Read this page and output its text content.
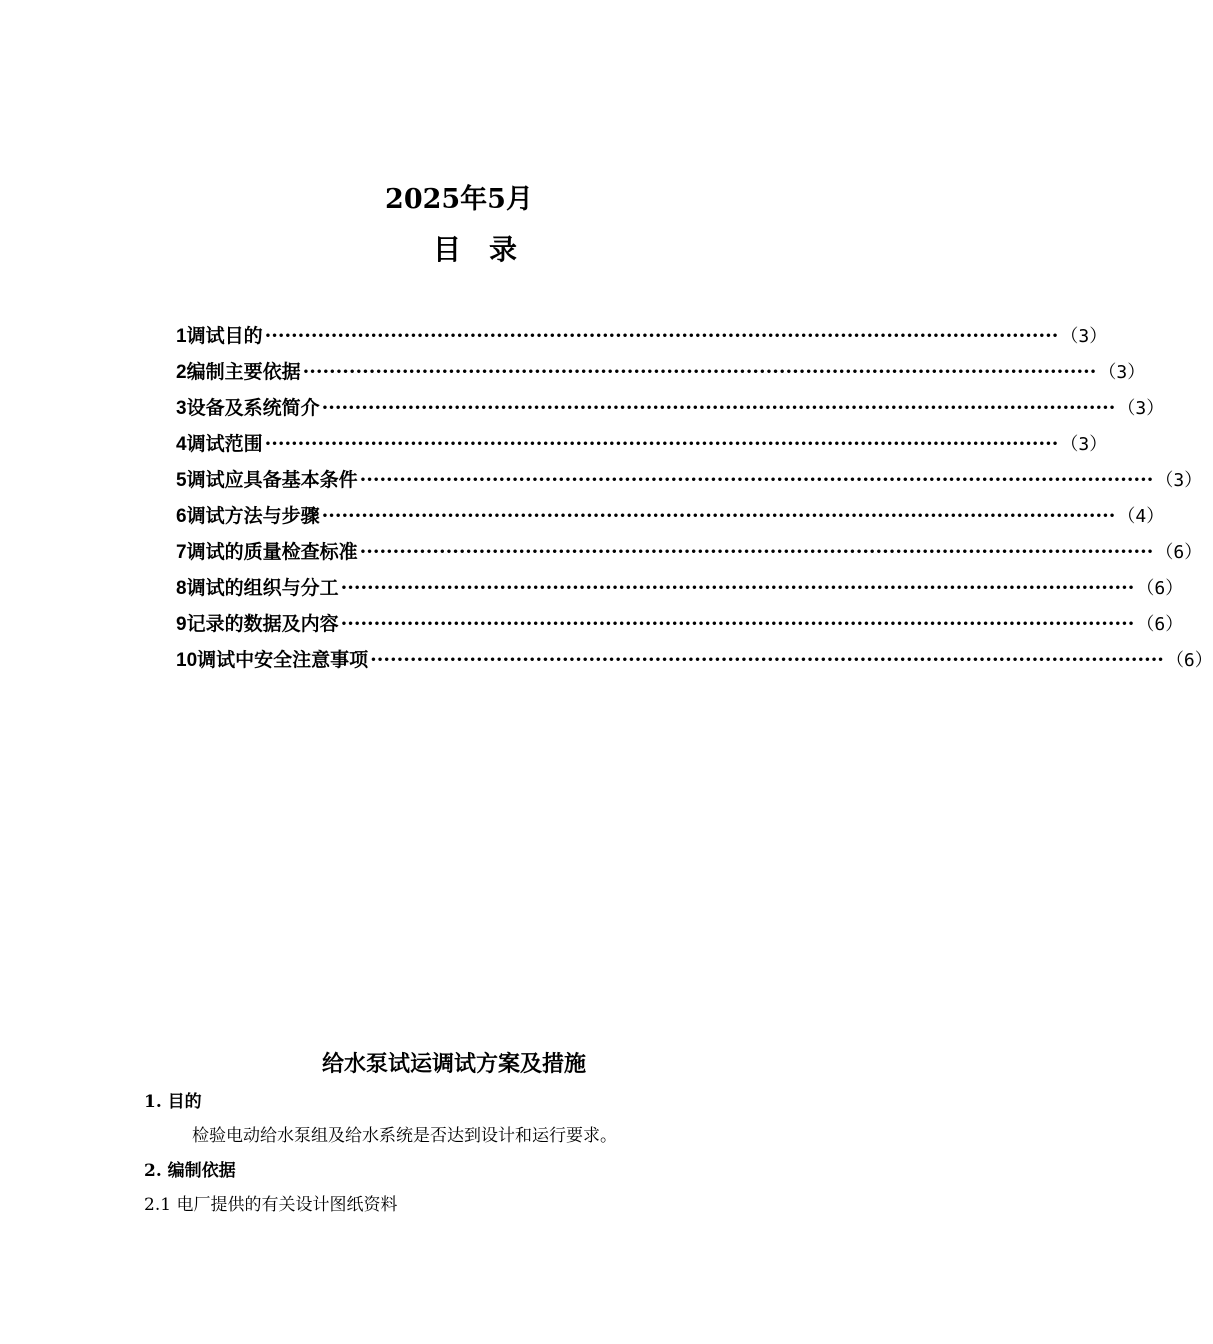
2025年5月
目录
1 调试目的 ························································································································ （3）
2 编制主要依据 ························································································································ （3）
3 设备及系统简介 ························································································································ （3）
4 调试范围 ························································································································ （3）
5 调试应具备基本条件 ························································································································ （3）
6 调试方法与步骤 ························································································································ （4）
7 调试的质量检查标准 ························································································································ （6）
8 调试的组织与分工 ························································································································ （6）
9 记录的数据及内容 ························································································································ （6）
10 调试中安全注意事项 ························································································································ （6）
给水泵试运调试方案及措施
1. 目的
检验电动给水泵组及给水系统是否达到设计和运行要求。
2. 编制依据
2.1 电厂提供的有关设计图纸资料
